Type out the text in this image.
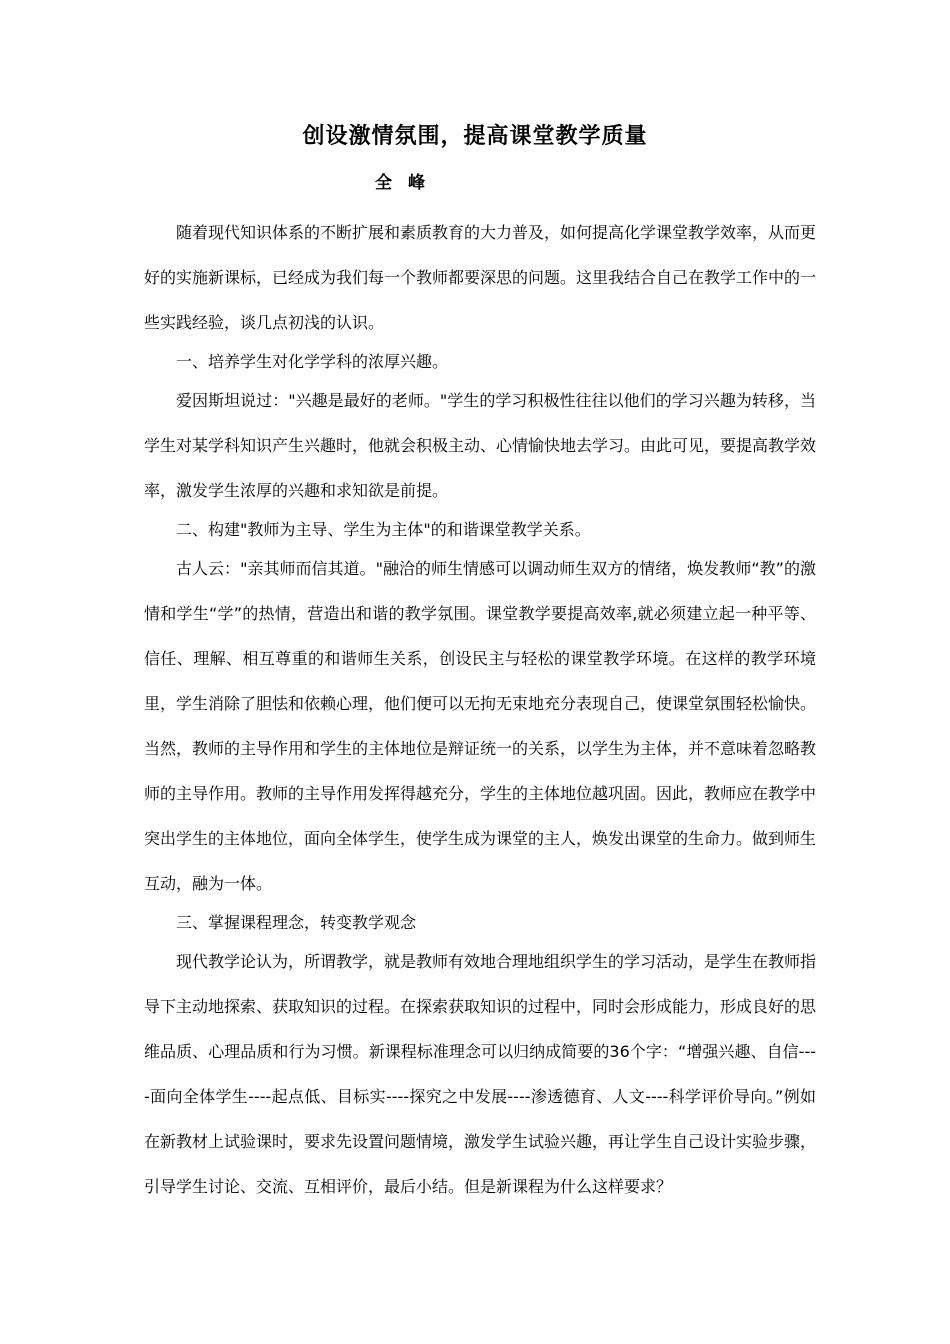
创设激情氛围，提高课堂教学质量
全峰

随着现代知识体系的不断扩展和素质教育的大力普及，如何提高化学课堂教学效率，从而更好的实施新课标，已经成为我们每一个教师都要深思的问题。这里我结合自己在教学工作中的一些实践经验，谈几点初浅的认识。

一、培养学生对化学学科的浓厚兴趣。

爱因斯坦说过："兴趣是最好的老师。"学生的学习积极性往往以他们的学习兴趣为转移，当学生对某学科知识产生兴趣时，他就会积极主动、心情愉快地去学习。由此可见，要提高教学效率，激发学生浓厚的兴趣和求知欲是前提。

二、构建"教师为主导、学生为主体"的和谐课堂教学关系。

古人云："亲其师而信其道。"融洽的师生情感可以调动师生双方的情绪，焕发教师“教”的激情和学生“学”的热情，营造出和谐的教学氛围。课堂教学要提高效率,就必须建立起一种平等、信任、理解、相互尊重的和谐师生关系，创设民主与轻松的课堂教学环境。在这样的教学环境里，学生消除了胆怯和依赖心理，他们便可以无拘无束地充分表现自己，使课堂氛围轻松愉快。当然，教师的主导作用和学生的主体地位是辩证统一的关系，以学生为主体，并不意味着忽略教师的主导作用。教师的主导作用发挥得越充分，学生的主体地位越巩固。因此，教师应在教学中突出学生的主体地位，面向全体学生，使学生成为课堂的主人，焕发出课堂的生命力。做到师生互动，融为一体。

三、掌握课程理念，转变教学观念

现代教学论认为，所谓教学，就是教师有效地合理地组织学生的学习活动，是学生在教师指导下主动地探索、获取知识的过程。在探索获取知识的过程中，同时会形成能力，形成良好的思维品质、心理品质和行为习惯。新课程标准理念可以归纳成简要的36个字：“增强兴趣、自信----面向全体学生----起点低、目标实----探究之中发展----渗透德育、人文----科学评价导向。”例如在新教材上试验课时，要求先设置问题情境，激发学生试验兴趣，再让学生自己设计实验步骤，引导学生讨论、交流、互相评价，最后小结。但是新课程为什么这样要求？
